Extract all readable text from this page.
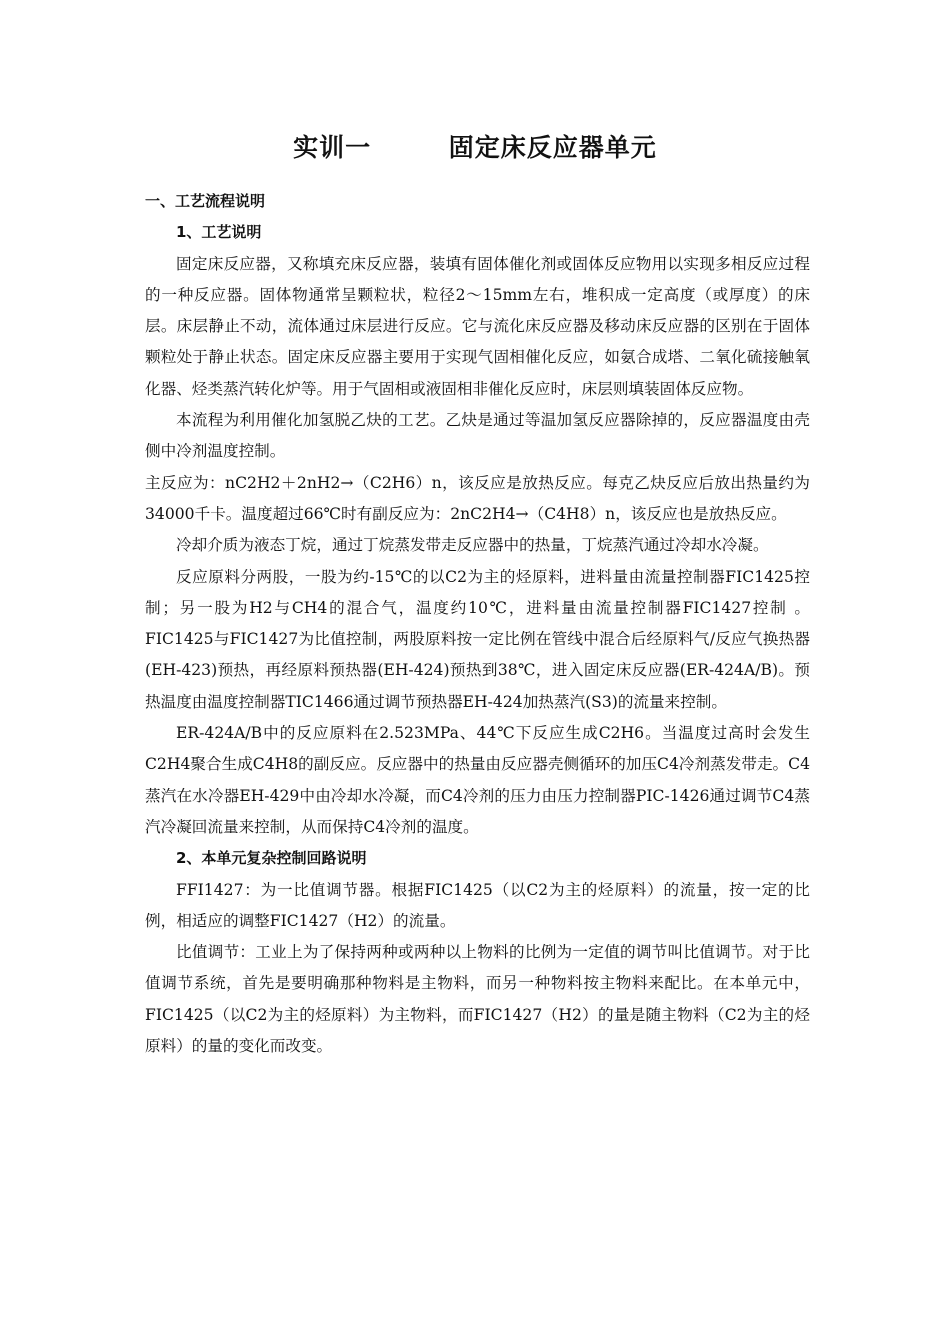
实训一        固定床反应器单元

一、工艺流程说明

1、工艺说明

固定床反应器，又称填充床反应器，装填有固体催化剂或固体反应物用以实现多相反应过程的一种反应器。固体物通常呈颗粒状，粒径2～15mm左右，堆积成一定高度（或厚度）的床层。床层静止不动，流体通过床层进行反应。它与流化床反应器及移动床反应器的区别在于固体颗粒处于静止状态。固定床反应器主要用于实现气固相催化反应，如氨合成塔、二氧化硫接触氧化器、烃类蒸汽转化炉等。用于气固相或液固相非催化反应时，床层则填装固体反应物。

本流程为利用催化加氢脱乙炔的工艺。乙炔是通过等温加氢反应器除掉的，反应器温度由壳侧中冷剂温度控制。

主反应为：nC2H2＋2nH2→（C2H6）n，该反应是放热反应。每克乙炔反应后放出热量约为34000千卡。温度超过66℃时有副反应为：2nC2H4→（C4H8）n，该反应也是放热反应。

冷却介质为液态丁烷，通过丁烷蒸发带走反应器中的热量，丁烷蒸汽通过冷却水冷凝。

反应原料分两股，一股为约-15℃的以C2为主的烃原料，进料量由流量控制器FIC1425控制；另一股为H2与CH4的混合气，温度约10℃，进料量由流量控制器FIC1427控制 。FIC1425与FIC1427为比值控制，两股原料按一定比例在管线中混合后经原料气/反应气换热器(EH-423)预热，再经原料预热器(EH-424)预热到38℃，进入固定床反应器(ER-424A/B)。预热温度由温度控制器TIC1466通过调节预热器EH-424加热蒸汽(S3)的流量来控制。

ER-424A/B中的反应原料在2.523MPa、44℃下反应生成C2H6。当温度过高时会发生C2H4聚合生成C4H8的副反应。反应器中的热量由反应器壳侧循环的加压C4冷剂蒸发带走。C4蒸汽在水冷器EH-429中由冷却水冷凝，而C4冷剂的压力由压力控制器PIC-1426通过调节C4蒸汽冷凝回流量来控制，从而保持C4冷剂的温度。

2、本单元复杂控制回路说明

FFI1427：为一比值调节器。根据FIC1425（以C2为主的烃原料）的流量，按一定的比例，相适应的调整FIC1427（H2）的流量。

比值调节：工业上为了保持两种或两种以上物料的比例为一定值的调节叫比值调节。对于比值调节系统，首先是要明确那种物料是主物料，而另一种物料按主物料来配比。在本单元中，FIC1425（以C2为主的烃原料）为主物料，而FIC1427（H2）的量是随主物料（C2为主的烃原料）的量的变化而改变。
